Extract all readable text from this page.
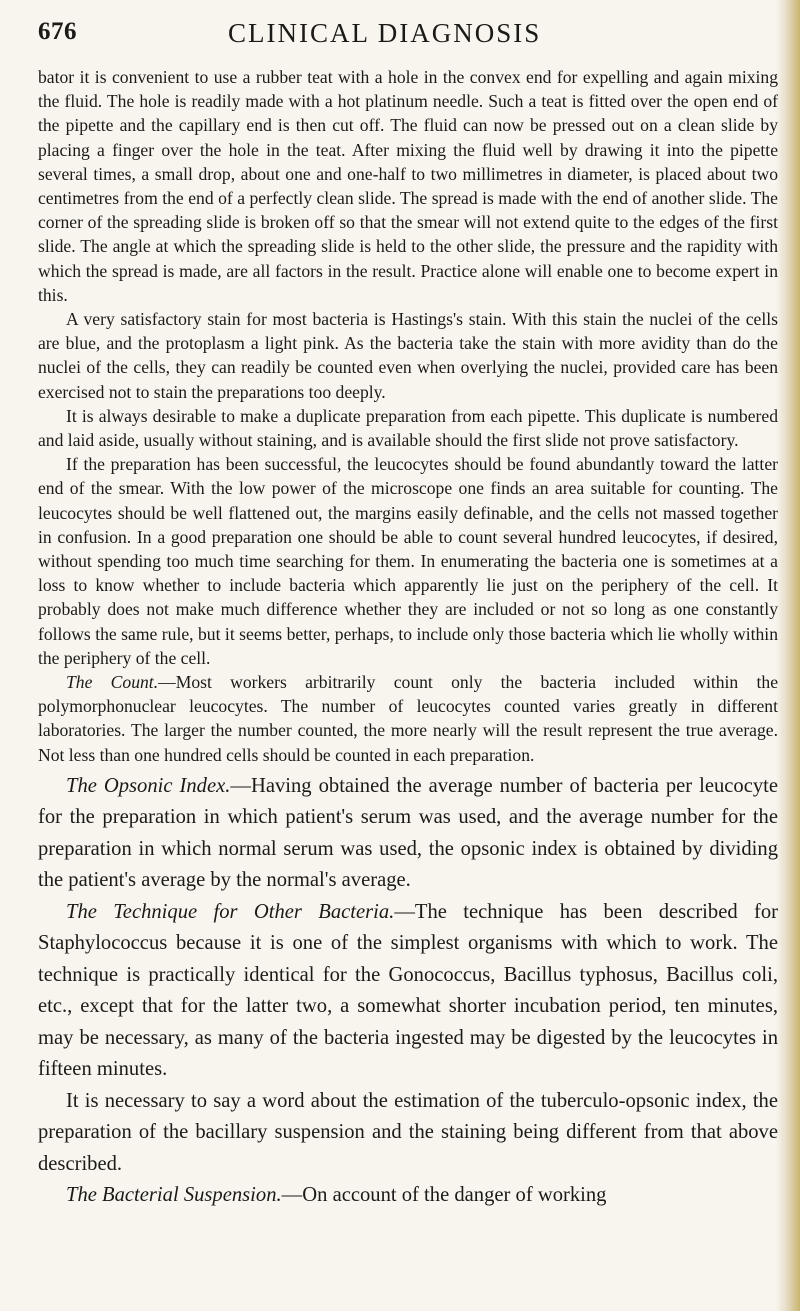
676	CLINICAL DIAGNOSIS

bator it is convenient to use a rubber teat with a hole in the convex end for expelling and again mixing the fluid. The hole is readily made with a hot platinum needle. Such a teat is fitted over the open end of the pipette and the capillary end is then cut off. The fluid can now be pressed out on a clean slide by placing a finger over the hole in the teat. After mixing the fluid well by drawing it into the pipette several times, a small drop, about one and one-half to two millimetres in diameter, is placed about two centimetres from the end of a perfectly clean slide. The spread is made with the end of another slide. The corner of the spreading slide is broken off so that the smear will not extend quite to the edges of the first slide. The angle at which the spreading slide is held to the other slide, the pressure and the rapidity with which the spread is made, are all factors in the result. Practice alone will enable one to become expert in this.

A very satisfactory stain for most bacteria is Hastings's stain. With this stain the nuclei of the cells are blue, and the protoplasm a light pink. As the bacteria take the stain with more avidity than do the nuclei of the cells, they can readily be counted even when overlying the nuclei, provided care has been exercised not to stain the preparations too deeply.

It is always desirable to make a duplicate preparation from each pipette. This duplicate is numbered and laid aside, usually without staining, and is available should the first slide not prove satisfactory.

If the preparation has been successful, the leucocytes should be found abundantly toward the latter end of the smear. With the low power of the microscope one finds an area suitable for counting. The leucocytes should be well flattened out, the margins easily definable, and the cells not massed together in confusion. In a good preparation one should be able to count several hundred leucocytes, if desired, without spending too much time searching for them. In enumerating the bacteria one is sometimes at a loss to know whether to include bacteria which apparently lie just on the periphery of the cell. It probably does not make much difference whether they are included or not so long as one constantly follows the same rule, but it seems better, perhaps, to include only those bacteria which lie wholly within the periphery of the cell.

The Count.—Most workers arbitrarily count only the bacteria included within the polymorphonuclear leucocytes. The number of leucocytes counted varies greatly in different laboratories. The larger the number counted, the more nearly will the result represent the true average. Not less than one hundred cells should be counted in each preparation.

The Opsonic Index.—Having obtained the average number of bacteria per leucocyte for the preparation in which patient's serum was used, and the average number for the preparation in which normal serum was used, the opsonic index is obtained by dividing the patient's average by the normal's average.

The Technique for Other Bacteria.—The technique has been described for Staphylococcus because it is one of the simplest organisms with which to work. The technique is practically identical for the Gonococcus, Bacillus typhosus, Bacillus coli, etc., except that for the latter two, a somewhat shorter incubation period, ten minutes, may be necessary, as many of the bacteria ingested may be digested by the leucocytes in fifteen minutes.

It is necessary to say a word about the estimation of the tuberculo-opsonic index, the preparation of the bacillary suspension and the staining being different from that above described.

The Bacterial Suspension.—On account of the danger of working
